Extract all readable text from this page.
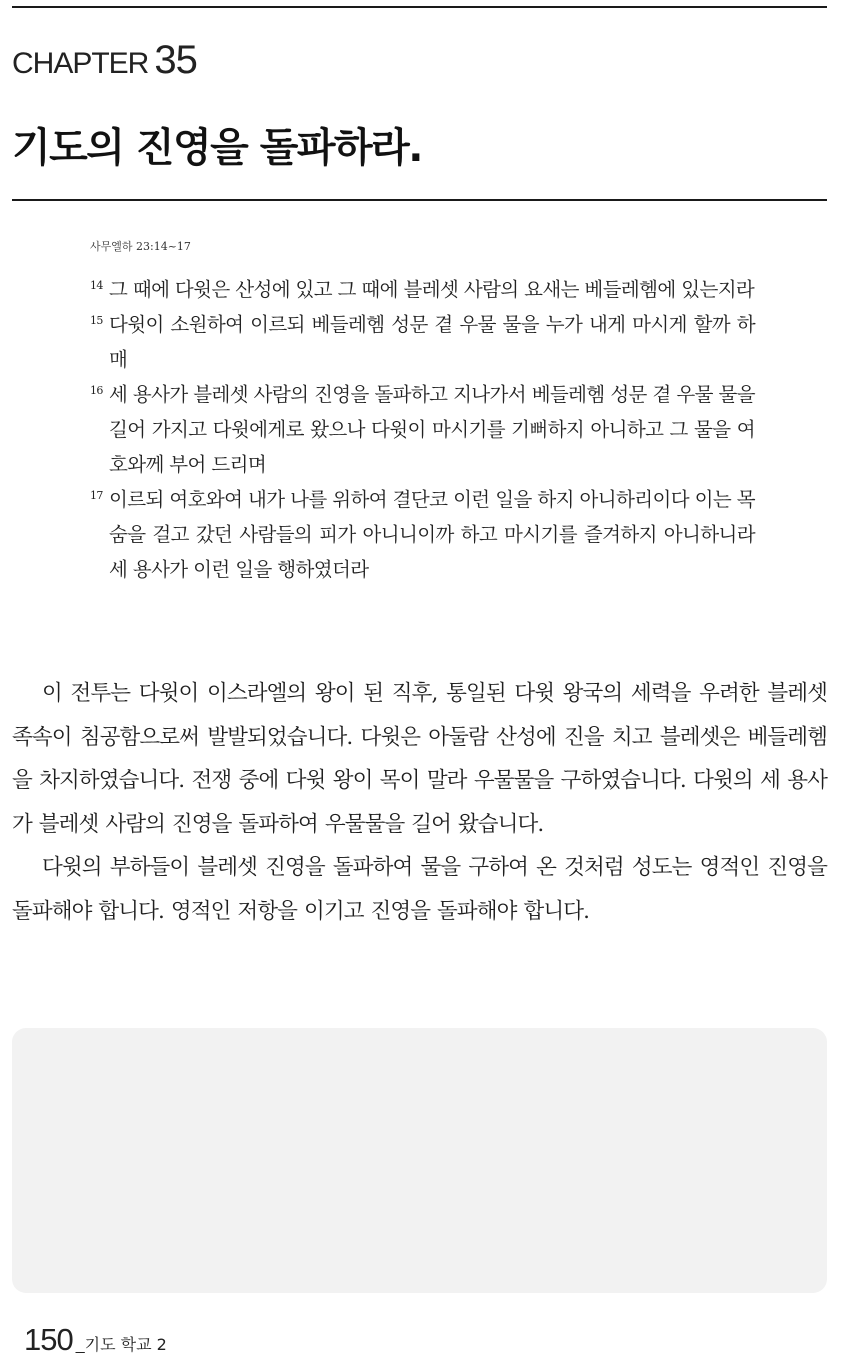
CHAPTER 35
기도의 진영을 돌파하라.
사무엘하 23:14~17
14 그 때에 다윗은 산성에 있고 그 때에 블레셋 사람의 요새는 베들레헴에 있는지라
15 다윗이 소원하여 이르되 베들레헴 성문 곁 우물 물을 누가 내게 마시게 할까 하매
16 세 용사가 블레셋 사람의 진영을 돌파하고 지나가서 베들레헴 성문 곁 우물 물을 길어 가지고 다윗에게로 왔으나 다윗이 마시기를 기뻐하지 아니하고 그 물을 여호와께 부어 드리며
17 이르되 여호와여 내가 나를 위하여 결단코 이런 일을 하지 아니하리이다 이는 목숨을 걸고 갔던 사람들의 피가 아니니이까 하고 마시기를 즐겨하지 아니하니라 세 용사가 이런 일을 행하였더라

이 전투는 다윗이 이스라엘의 왕이 된 직후, 통일된 다윗 왕국의 세력을 우려한 블레셋 족속이 침공함으로써 발발되었습니다. 다윗은 아둘람 산성에 진을 치고 블레셋은 베들레헴을 차지하였습니다. 전쟁 중에 다윗 왕이 목이 말라 우물물을 구하였습니다. 다윗의 세 용사가 블레셋 사람의 진영을 돌파하여 우물물을 길어 왔습니다.

다윗의 부하들이 블레셋 진영을 돌파하여 물을 구하여 온 것처럼 성도는 영적인 진영을 돌파해야 합니다. 영적인 저항을 이기고 진영을 돌파해야 합니다.

150 _ 기도 학교 2
